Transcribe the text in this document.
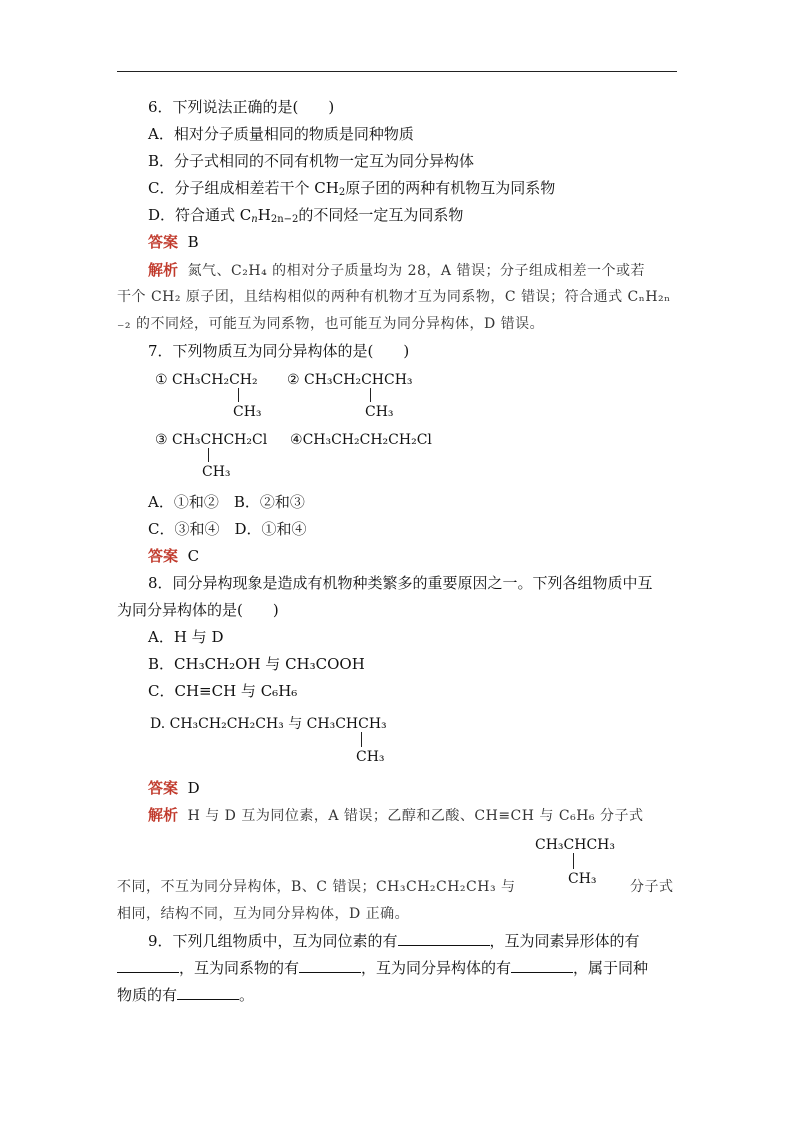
6．下列说法正确的是(　　)
A．相对分子质量相同的物质是同种物质
B．分子式相同的不同有机物一定互为同分异构体
C．分子组成相差若干个 $CH_2$原子团的两种有机物互为同系物
D．符合通式 $C_nH_{2n-2}$的不同烃一定互为同系物
答案 B
解析 氮气、C₂H₄ 的相对分子质量均为 28，A 错误；分子组成相差一个或若
干个 CH₂ 原子团，且结构相似的两种有机物才互为同系物，C 错误；符合通式 CₙH₂ₙ
₋₂ 的不同烃，可能互为同系物，也可能互为同分异构体，D 错误。
7．下列物质互为同分异构体的是(　　)
① CH₃CH₂CH₂
CH₃
② CH₃CH₂CHCH₃
CH₃
③ CH₃CHCH₂Cl
CH₃
④CH₃CH₂CH₂CH₂Cl
A．①和②　B．②和③
C．③和④　D．①和④
答案 C
8．同分异构现象是造成有机物种类繁多的重要原因之一。下列各组物质中互
为同分异构体的是(　　)
A．H 与 D
B．CH₃CH₂OH 与 CH₃COOH
C．CH≡CH 与 C₆H₆
D. CH₃CH₂CH₂CH₃ 与 CH₃CHCH₃
CH₃
答案 D
解析 H 与 D 互为同位素，A 错误；乙醇和乙酸、CH≡CH 与 C₆H₆ 分子式
CH₃CHCH₃
CH₃
不同，不互为同分异构体，B、C 错误；CH₃CH₂CH₂CH₃ 与	分子式
相同，结构不同，互为同分异构体，D 正确。
9．下列几组物质中，互为同位素的有	，互为同素异形体的有
，互为同系物的有	，互为同分异构体的有	，属于同种
物质的有	。
